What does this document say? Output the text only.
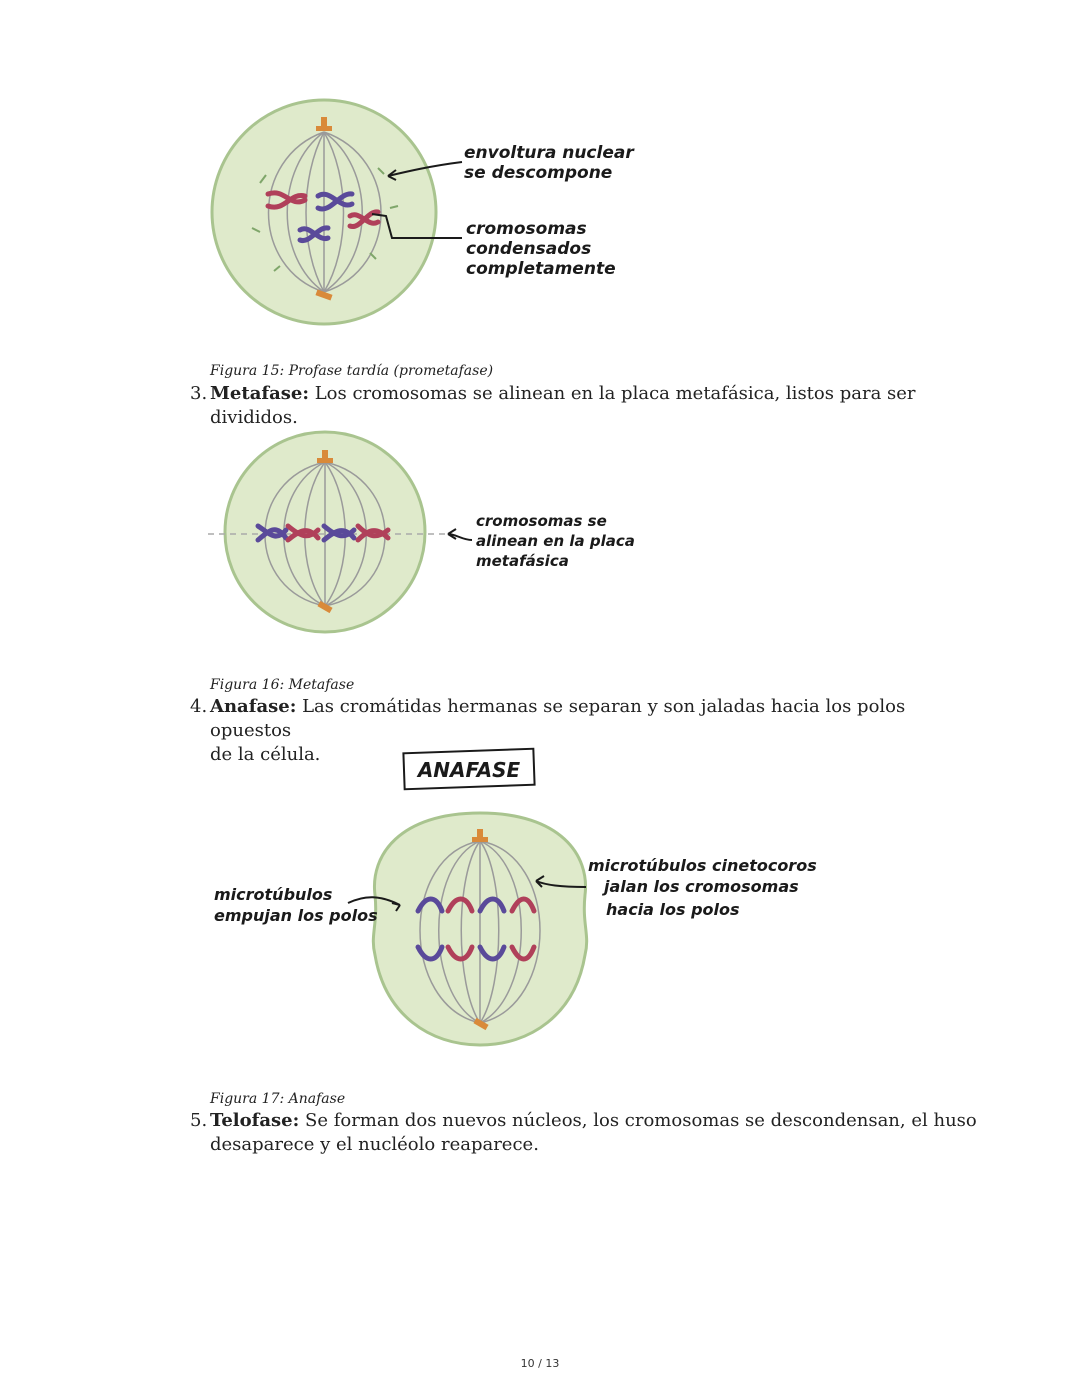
envoltura nuclear
se descompone
cromosomas
condensados
completamente
Figura 15: Profase tardía (prometafase)
3. Metafase: Los cromosomas se alinean en la placa metafásica, listos para ser
divididos.
cromosomas se
alinean en la placa
metafásica
Figura 16: Metafase
4. Anafase: Las cromátidas hermanas se separan y son jaladas hacia los polos opuestos
de la célula.
ANAFASE
microtúbulos
empujan los polos
microtúbulos cinetocoros
jalan los cromosomas
hacia los polos
Figura 17: Anafase
5. Telofase: Se forman dos nuevos núcleos, los cromosomas se descondensan, el huso
desaparece y el nucléolo reaparece.
10 / 13
